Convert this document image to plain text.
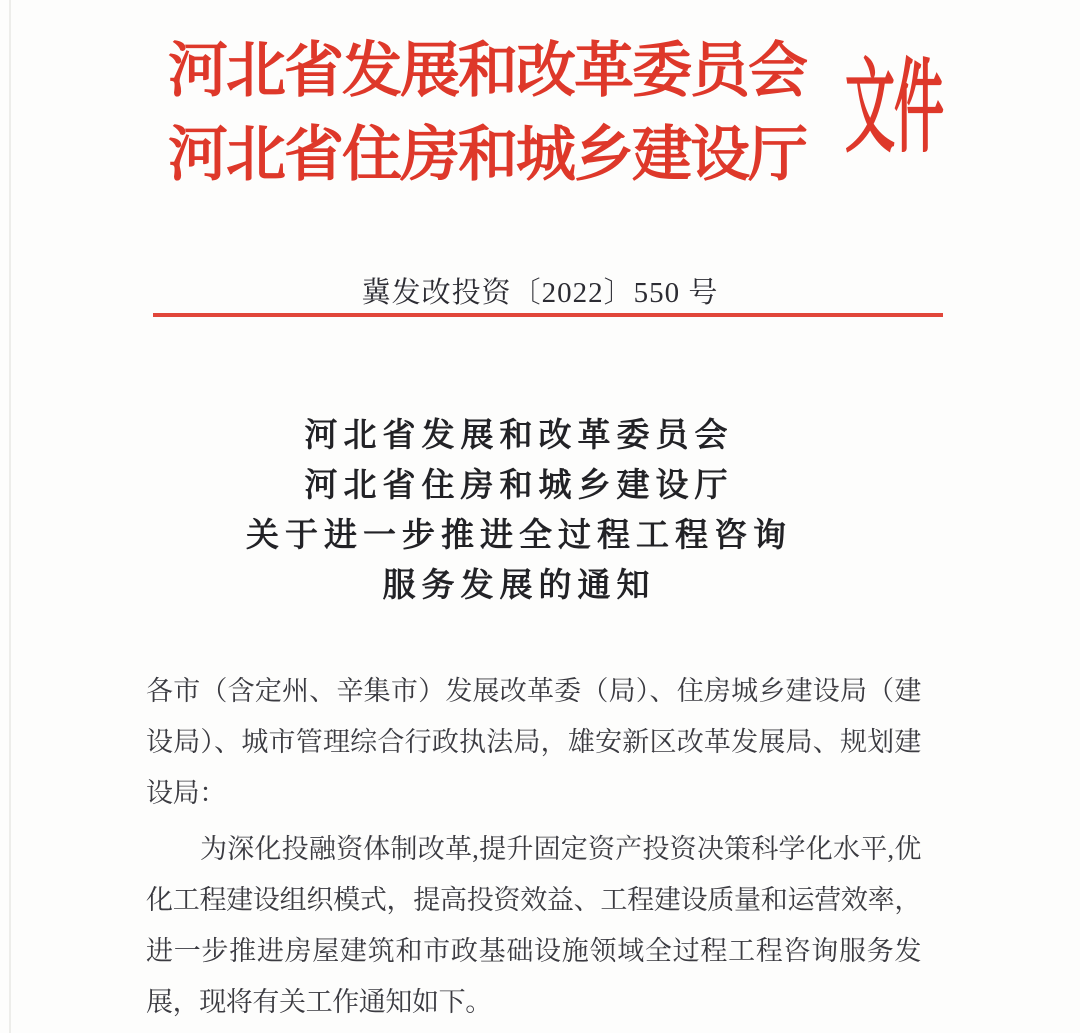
河北省发展和改革委员会
河北省住房和城乡建设厅 文件
冀发改投资〔2022〕550 号
河北省发展和改革委员会
河北省住房和城乡建设厅
关于进一步推进全过程工程咨询
服务发展的通知

各市（含定州、辛集市）发展改革委（局）、住房城乡建设局（建设局）、城市管理综合行政执法局，雄安新区改革发展局、规划建设局：

为深化投融资体制改革,提升固定资产投资决策科学化水平,优化工程建设组织模式，提高投资效益、工程建设质量和运营效率，进一步推进房屋建筑和市政基础设施领域全过程工程咨询服务发展，现将有关工作通知如下。
